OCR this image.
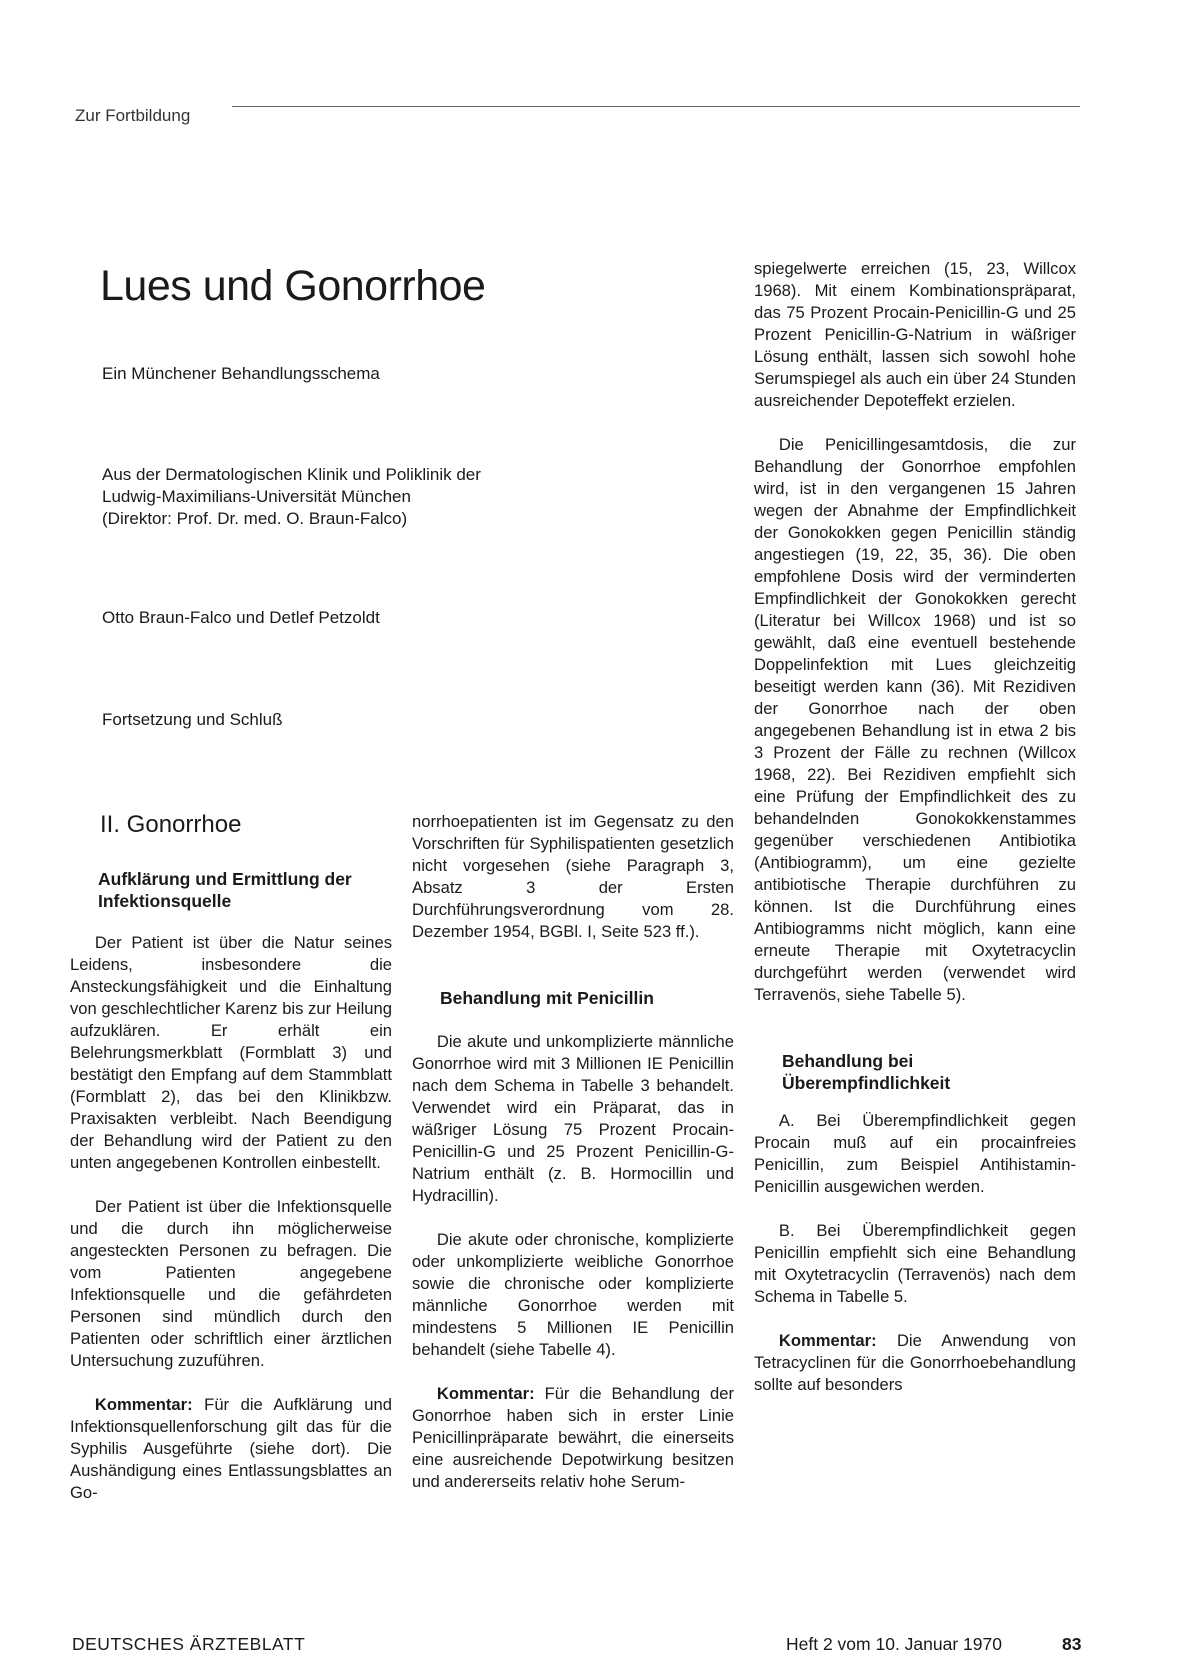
Zur Fortbildung
Lues und Gonorrhoe
Ein Münchener Behandlungsschema
Aus der Dermatologischen Klinik und Poliklinik der
Ludwig-Maximilians-Universität München
(Direktor: Prof. Dr. med. O. Braun-Falco)
Otto Braun-Falco und Detlef Petzoldt
Fortsetzung und Schluß
II. Gonorrhoe
Aufklärung und Ermittlung der Infektionsquelle

Der Patient ist über die Natur seines Leidens, insbesondere die Ansteckungsfähigkeit und die Einhaltung von geschlechtlicher Karenz bis zur Heilung aufzuklären. Er erhält ein Belehrungsmerkblatt (Formblatt 3) und bestätigt den Empfang auf dem Stammblatt (Formblatt 2), das bei den Klinikbzw. Praxisakten verbleibt. Nach Beendigung der Behandlung wird der Patient zu den unten angegebenen Kontrollen einbestellt.

Der Patient ist über die Infektionsquelle und die durch ihn möglicherweise angesteckten Personen zu befragen. Die vom Patienten angegebene Infektionsquelle und die gefährdeten Personen sind mündlich durch den Patienten oder schriftlich einer ärztlichen Untersuchung zuzuführen.

Kommentar: Für die Aufklärung und Infektionsquellenforschung gilt das für die Syphilis Ausgeführte (siehe dort). Die Aushändigung eines Entlassungsblattes an Go-

norrhoepatienten ist im Gegensatz zu den Vorschriften für Syphilispatienten gesetzlich nicht vorgesehen (siehe Paragraph 3, Absatz 3 der Ersten Durchführungsverordnung vom 28. Dezember 1954, BGBl. I, Seite 523 ff.).

Behandlung mit Penicillin

Die akute und unkomplizierte männliche Gonorrhoe wird mit 3 Millionen IE Penicillin nach dem Schema in Tabelle 3 behandelt. Verwendet wird ein Präparat, das in wäßriger Lösung 75 Prozent Procain-Penicillin-G und 25 Prozent Penicillin-G-Natrium enthält (z. B. Hormocillin und Hydracillin).

Die akute oder chronische, komplizierte oder unkomplizierte weibliche Gonorrhoe sowie die chronische oder komplizierte männliche Gonorrhoe werden mit mindestens 5 Millionen IE Penicillin behandelt (siehe Tabelle 4).

Kommentar: Für die Behandlung der Gonorrhoe haben sich in erster Linie Penicillinpräparate bewährt, die einerseits eine ausreichende Depotwirkung besitzen und andererseits relativ hohe Serum-

spiegelwerte erreichen (15, 23, Willcox 1968). Mit einem Kombinationspräparat, das 75 Prozent Procain-Penicillin-G und 25 Prozent Penicillin-G-Natrium in wäßriger Lösung enthält, lassen sich sowohl hohe Serumspiegel als auch ein über 24 Stunden ausreichender Depoteffekt erzielen.

Die Penicillingesamtdosis, die zur Behandlung der Gonorrhoe empfohlen wird, ist in den vergangenen 15 Jahren wegen der Abnahme der Empfindlichkeit der Gonokokken gegen Penicillin ständig angestiegen (19, 22, 35, 36). Die oben empfohlene Dosis wird der verminderten Empfindlichkeit der Gonokokken gerecht (Literatur bei Willcox 1968) und ist so gewählt, daß eine eventuell bestehende Doppelinfektion mit Lues gleichzeitig beseitigt werden kann (36). Mit Rezidiven der Gonorrhoe nach der oben angegebenen Behandlung ist in etwa 2 bis 3 Prozent der Fälle zu rechnen (Willcox 1968, 22). Bei Rezidiven empfiehlt sich eine Prüfung der Empfindlichkeit des zu behandelnden Gonokokkenstammes gegenüber verschiedenen Antibiotika (Antibiogramm), um eine gezielte antibiotische Therapie durchführen zu können. Ist die Durchführung eines Antibiogramms nicht möglich, kann eine erneute Therapie mit Oxytetracyclin durchgeführt werden (verwendet wird Terravenös, siehe Tabelle 5).

Behandlung bei Überempfindlichkeit

A. Bei Überempfindlichkeit gegen Procain muß auf ein procainfreies Penicillin, zum Beispiel Antihistamin-Penicillin ausgewichen werden.

B. Bei Überempfindlichkeit gegen Penicillin empfiehlt sich eine Behandlung mit Oxytetracyclin (Terravenös) nach dem Schema in Tabelle 5.

Kommentar: Die Anwendung von Tetracyclinen für die Gonorrhoebehandlung sollte auf besonders

DEUTSCHES ÄRZTEBLATT	Heft 2 vom 10. Januar 1970	83
